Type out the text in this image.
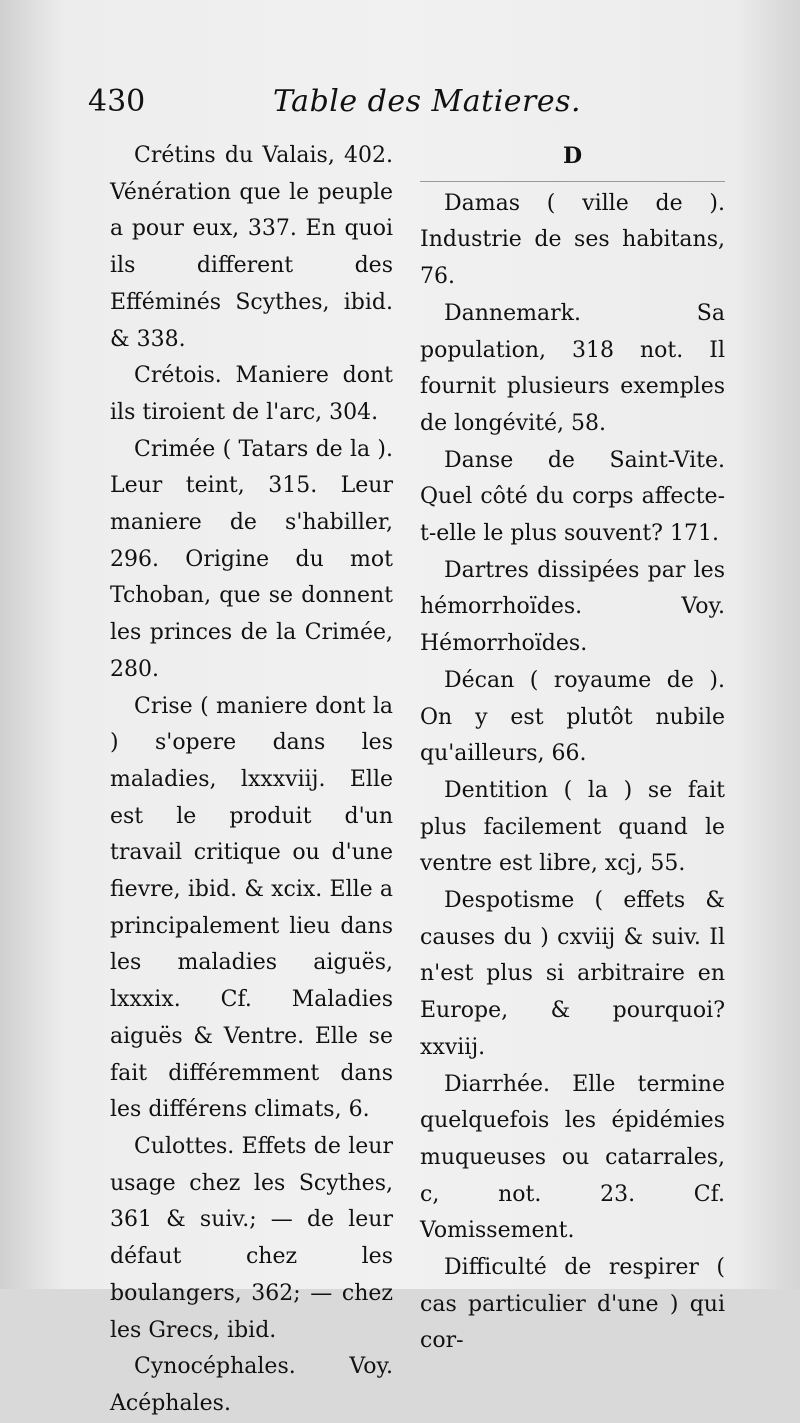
430	Table des Matieres.

Crétins du Valais, 402. Vénération que le peuple a pour eux, 337. En quoi ils different des Efféminés Scythes, ibid. & 338.

Crétois. Maniere dont ils tiroient de l'arc, 304.

Crimée ( Tatars de la ). Leur teint, 315. Leur maniere de s'habiller, 296. Origine du mot Tchoban, que se donnent les princes de la Crimée, 280.

Crise ( maniere dont la ) s'opere dans les maladies, lxxxviij. Elle est le produit d'un travail critique ou d'une fievre, ibid. & xcix. Elle a principalement lieu dans les maladies aiguës, lxxxix. Cf. Maladies aiguës & Ventre. Elle se fait différemment dans les différens climats, 6.

Culottes. Effets de leur usage chez les Scythes, 361 & suiv.; — de leur défaut chez les boulangers, 362; — chez les Grecs, ibid.

Cynocéphales. Voy. Acéphales.

D

Damas ( ville de ). Industrie de ses habitans, 76.

Dannemark. Sa population, 318 not. Il fournit plusieurs exemples de longévité, 58.

Danse de Saint-Vite. Quel côté du corps affecte-t-elle le plus souvent? 171.

Dartres dissipées par les hémorrhoïdes. Voy. Hémorrhoïdes.

Décan ( royaume de ). On y est plutôt nubile qu'ailleurs, 66.

Dentition ( la ) se fait plus facilement quand le ventre est libre, xcj, 55.

Despotisme ( effets & causes du ) cxviij & suiv. Il n'est plus si arbitraire en Europe, & pourquoi? xxviij.

Diarrhée. Elle termine quelquefois les épidémies muqueuses ou catarrales, c, not. 23. Cf. Vomissement.

Difficulté de respirer ( cas particulier d'une ) qui cor-
